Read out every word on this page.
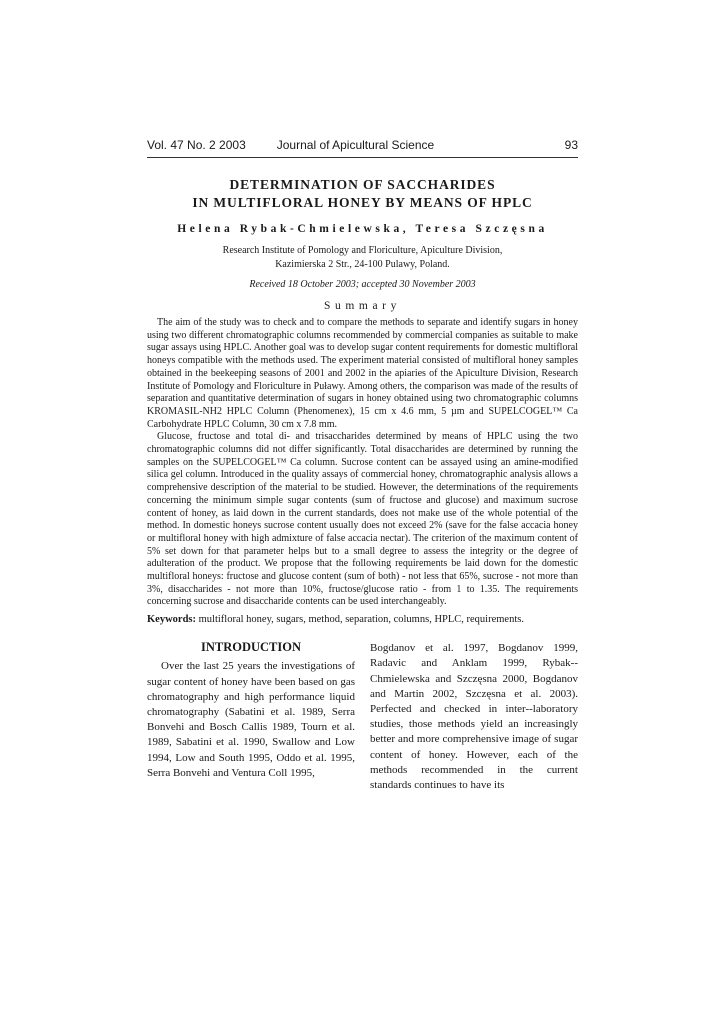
Vol. 47 No. 2 2003	Journal of Apicultural Science	93
DETERMINATION OF SACCHARIDES
IN MULTIFLORAL HONEY BY MEANS OF HPLC
Helena Rybak-Chmielewska, Teresa Szczęsna
Research Institute of Pomology and Floriculture, Apiculture Division,
Kazimierska 2 Str., 24-100 Pulawy, Poland.
Received 18 October 2003; accepted 30 November 2003
Summary

The aim of the study was to check and to compare the methods to separate and identify sugars in honey using two different chromatographic columns recommended by commercial companies as suitable to make sugar assays using HPLC. Another goal was to develop sugar content requirements for domestic multifloral honeys compatible with the methods used. The experiment material consisted of multifloral honey samples obtained in the beekeeping seasons of 2001 and 2002 in the apiaries of the Apiculture Division, Research Institute of Pomology and Floriculture in Puławy. Among others, the comparison was made of the results of separation and quantitative determination of sugars in honey obtained using two chromatographic columns KROMASIL-NH2 HPLC Column (Phenomenex), 15 cm x 4.6 mm, 5 µm and SUPELCOGEL™ Ca Carbohydrate HPLC Column, 30 cm x 7.8 mm.

Glucose, fructose and total di- and trisaccharides determined by means of HPLC using the two chromatographic columns did not differ significantly. Total disaccharides are determined by running the samples on the SUPELCOGEL™ Ca column. Sucrose content can be assayed using an amine-modified silica gel column. Introduced in the quality assays of commercial honey, chromatographic analysis allows a comprehensive description of the material to be studied. However, the determinations of the requirements concerning the minimum simple sugar contents (sum of fructose and glucose) and maximum sucrose content of honey, as laid down in the current standards, does not make use of the whole potential of the method. In domestic honeys sucrose content usually does not exceed 2% (save for the false accacia honey or multifloral honey with high admixture of false accacia nectar). The criterion of the maximum content of 5% set down for that parameter helps but to a small degree to assess the integrity or the degree of adulteration of the product. We propose that the following requirements be laid down for the domestic multifloral honeys: fructose and glucose content (sum of both) - not less that 65%, sucrose - not more than 3%, disaccharides - not more than 10%, fructose/glucose ratio - from 1 to 1.35. The requirements concerning sucrose and disaccharide contents can be used interchangeably.

Keywords: multifloral honey, sugars, method, separation, columns, HPLC, requirements.
INTRODUCTION

Over the last 25 years the investigations of sugar content of honey have been based on gas chromatography and high performance liquid chromatography (Sabatini et al. 1989, Serra Bonvehi and Bosch Callis 1989, Tourn et al. 1989, Sabatini et al. 1990, Swallow and Low 1994, Low and South 1995, Oddo et al. 1995, Serra Bonvehi and Ventura Coll 1995,

Bogdanov et al. 1997, Bogdanov 1999, Radavic and Anklam 1999, Rybak--Chmielewska and Szczęsna 2000, Bogdanov and Martin 2002, Szczęsna et al. 2003). Perfected and checked in inter--laboratory studies, those methods yield an increasingly better and more comprehensive image of sugar content of honey. However, each of the methods recommended in the current standards continues to have its
